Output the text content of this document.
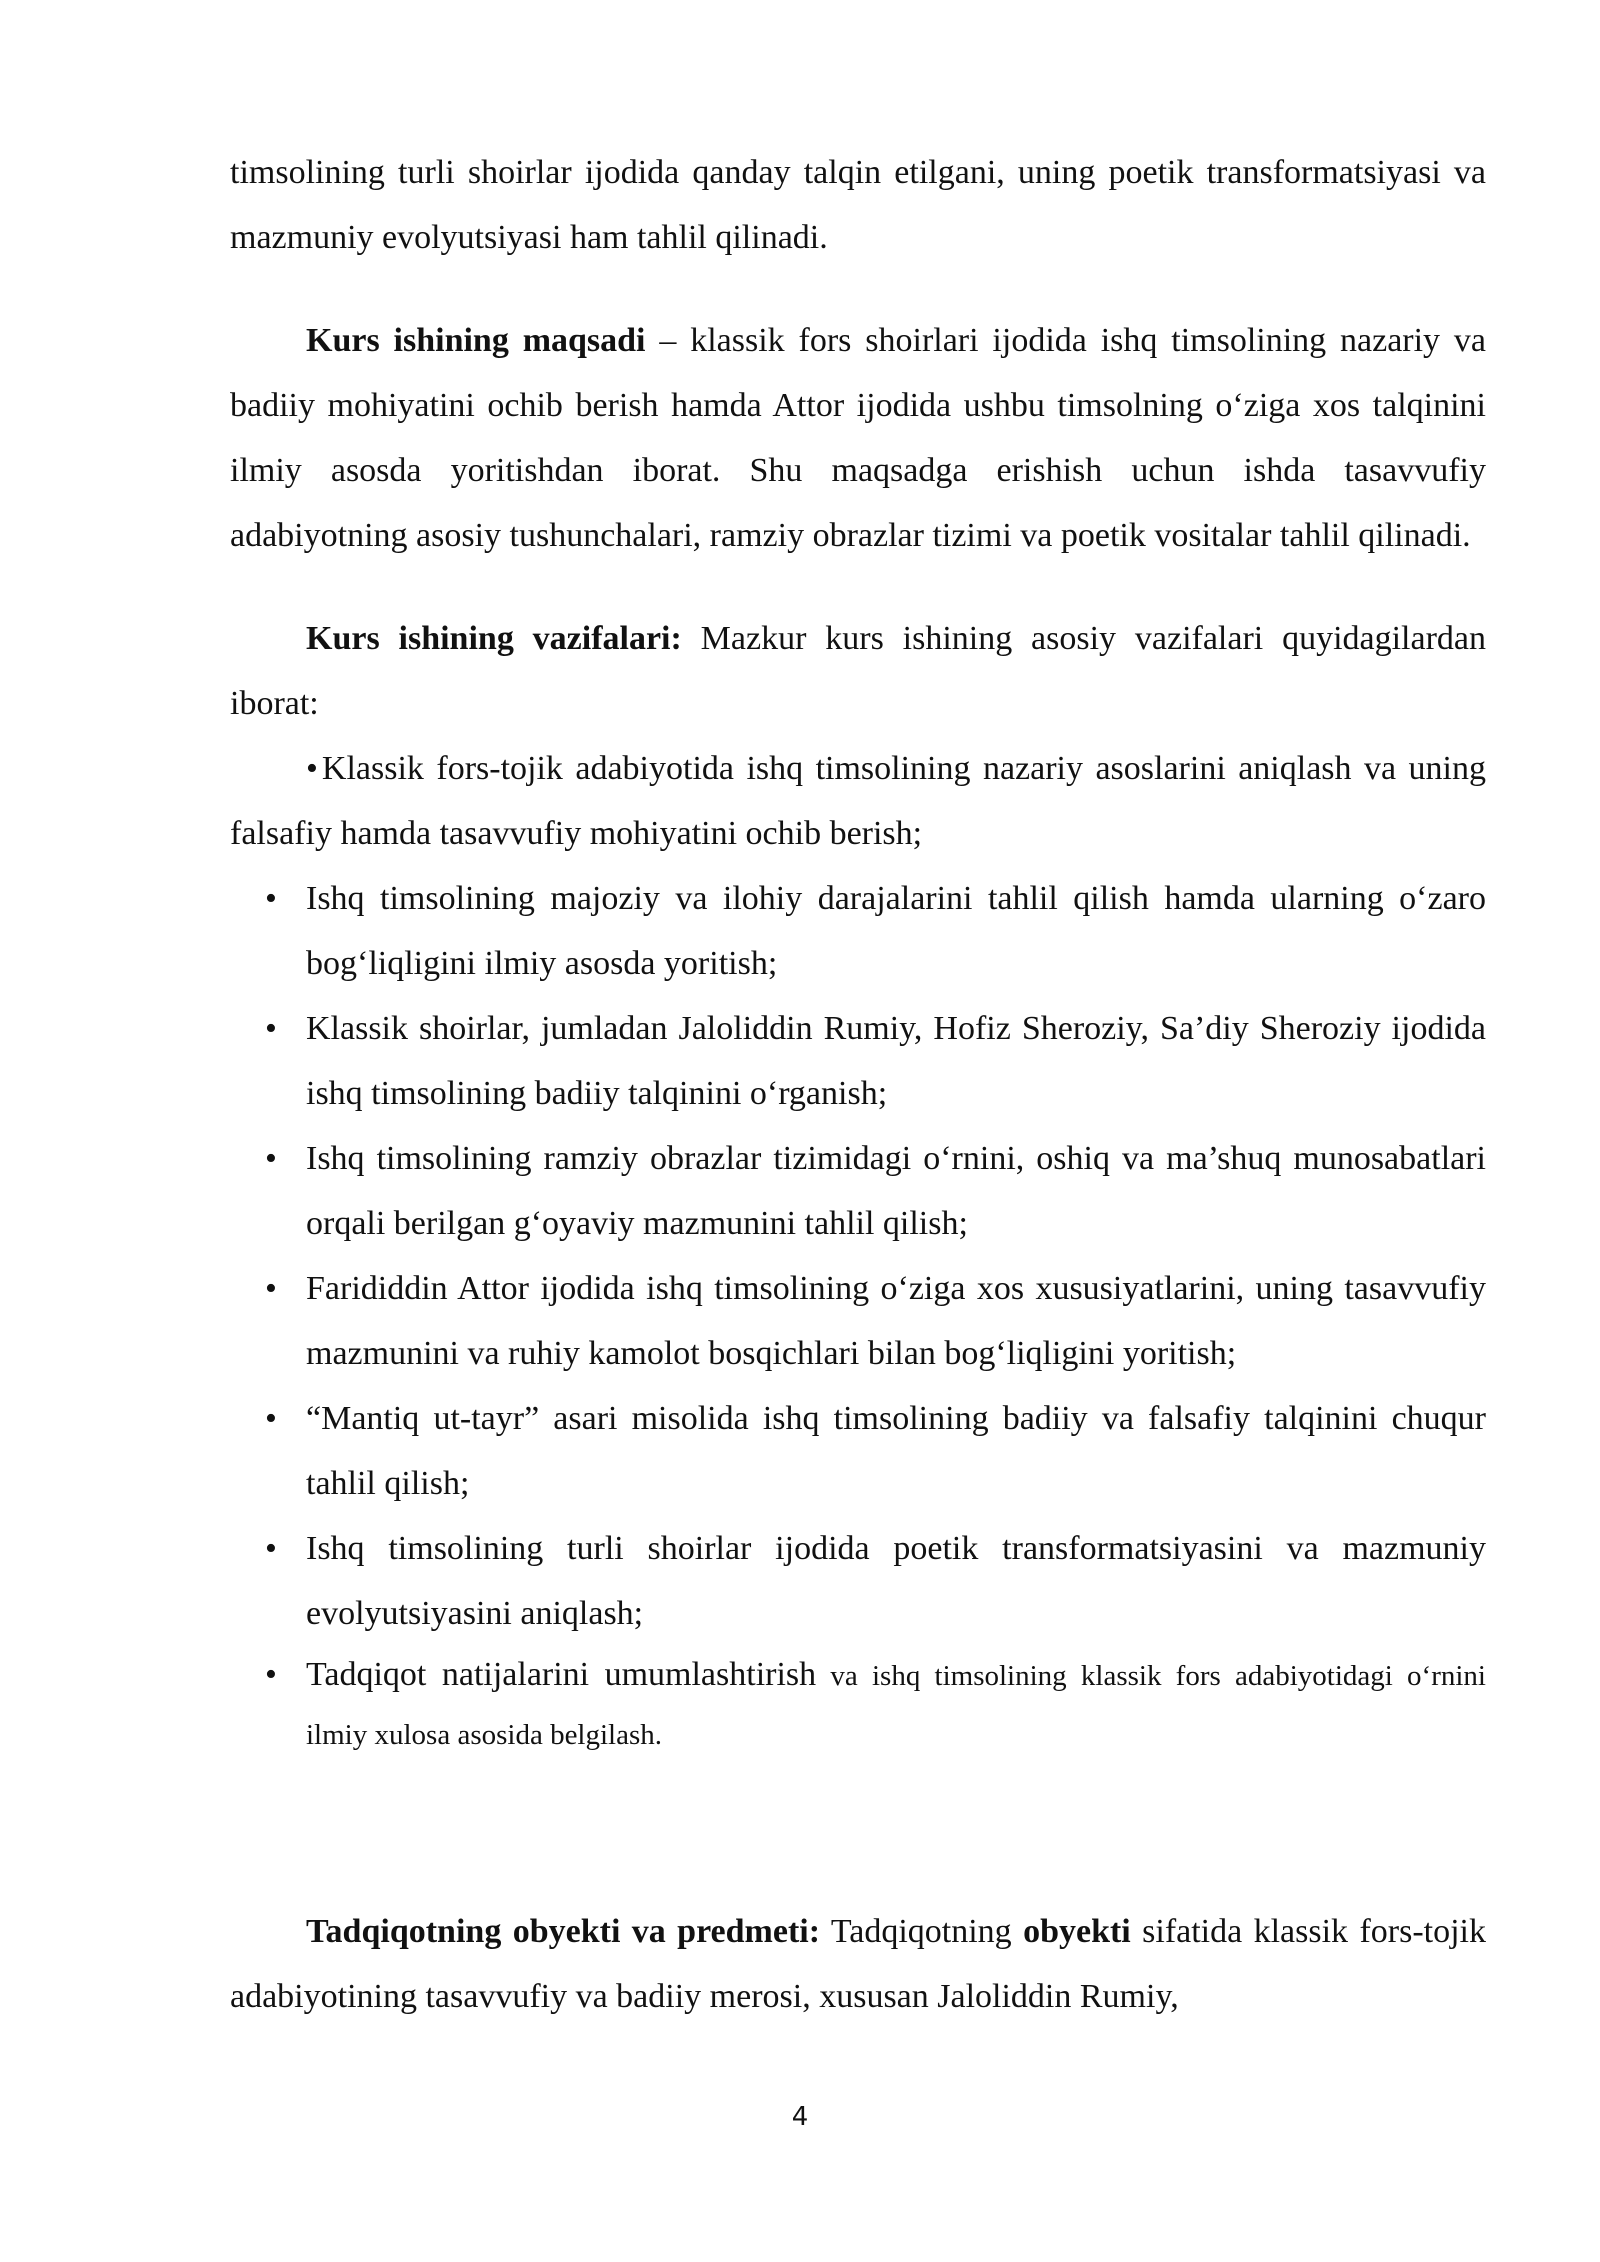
timsolining turli shoirlar ijodida qanday talqin etilgani, uning poetik transformatsiyasi va mazmuniy evolyutsiyasi ham tahlil qilinadi.

Kurs ishining maqsadi – klassik fors shoirlari ijodida ishq timsolining nazariy va badiiy mohiyatini ochib berish hamda Attor ijodida ushbu timsolning o‘ziga xos talqinini ilmiy asosda yoritishdan iborat. Shu maqsadga erishish uchun ishda tasavvufiy adabiyotning asosiy tushunchalari, ramziy obrazlar tizimi va poetik vositalar tahlil qilinadi.

Kurs ishining vazifalari: Mazkur kurs ishining asosiy vazifalari quyidagilardan iborat:

• Klassik fors-tojik adabiyotida ishq timsolining nazariy asoslarini aniqlash va uning falsafiy hamda tasavvufiy mohiyatini ochib berish;
• Ishq timsolining majoziy va ilohiy darajalarini tahlil qilish hamda ularning o‘zaro bog‘liqligini ilmiy asosda yoritish;
• Klassik shoirlar, jumladan Jaloliddin Rumiy, Hofiz Sheroziy, Sa’diy Sheroziy ijodida ishq timsolining badiiy talqinini o‘rganish;
• Ishq timsolining ramziy obrazlar tizimidagi o‘rnini, oshiq va ma’shuq munosabatlari orqali berilgan g‘oyaviy mazmunini tahlil qilish;
• Farididdin Attor ijodida ishq timsolining o‘ziga xos xususiyatlarini, uning tasavvufiy mazmunini va ruhiy kamolot bosqichlari bilan bog‘liqligini yoritish;
• “Mantiq ut-tayr” asari misolida ishq timsolining badiiy va falsafiy talqinini chuqur tahlil qilish;
• Ishq timsolining turli shoirlar ijodida poetik transformatsiyasini va mazmuniy evolyutsiyasini aniqlash;
• Tadqiqot natijalarini umumlashtirish va ishq timsolining klassik fors adabiyotidagi o‘rnini ilmiy xulosa asosida belgilash.

Tadqiqotning obyekti va predmeti: Tadqiqotning obyekti sifatida klassik fors-tojik adabiyotining tasavvufiy va badiiy merosi, xususan Jaloliddin Rumiy,

4
